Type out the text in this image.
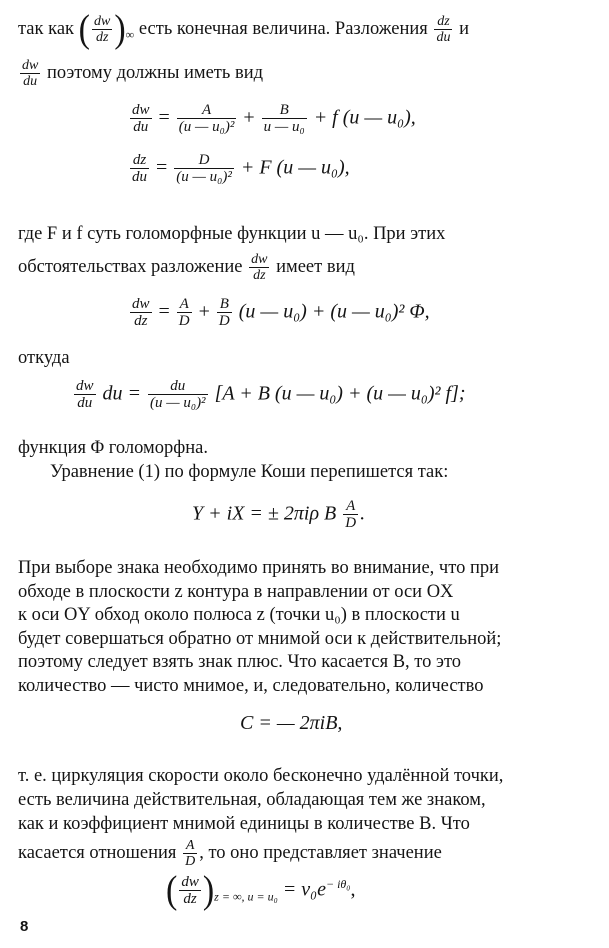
так как ( $\frac{dw}{dz} )_\infty$ есть конечная величина. Разложения $\frac{dz}{du}$ и
$\frac{dw}{du}$ поэтому должны иметь вид
$\frac{dw}{du} = \frac{A}{\text{(u — u₀)²}} + \frac{B}{\text{u — u₀}} + f$ (u — u₀),
$\frac{dz}{du} = \frac{D}{\text{(u — u₀)²}} + F$ (u — u₀),
где F и f суть голоморфные функции u — u₀. При этих
обстоятельствах разложение $\frac{dw}{dz}$ имеет вид
$\frac{dw}{dz} = \frac{A}{D} + \frac{B}{D} (u$ — u₀) + (u — u₀)² Φ,
откуда
$\frac{dw}{du}$ du = $\frac{du}{\text{(u — u₀)²}} [A + B$ (u — u₀) + (u — u₀)² f];
функция Φ голоморфна.
Уравнение (1) по формуле Коши перепишется так:
Y + iX = ± 2πiρ B $\frac{A}{D}$ .
При выборе знака необходимо принять во внимание, что при
обходе в плоскости z контура в направлении от оси OX
к оси OY обход около полюса z (точки u₀) в плоскости u
будет совершаться обратно от мнимой оси к действительной;
поэтому следует взять знак плюс. Что касается B, то это
количество — чисто мнимое, и, следовательно, количество
C = — 2πiB,
т. е. циркуляция скорости около бесконечно удалённой точки,
есть величина действительная, обладающая тем же знаком,
как и коэффициент мнимой единицы в количестве B. Что
касается отношения $\frac{A}{D}$ , то оно представляет значение
( $\frac{dw}{dz} )_{z = \infty, u = u_0} = v_0e^{- i\theta_0}$,
8
